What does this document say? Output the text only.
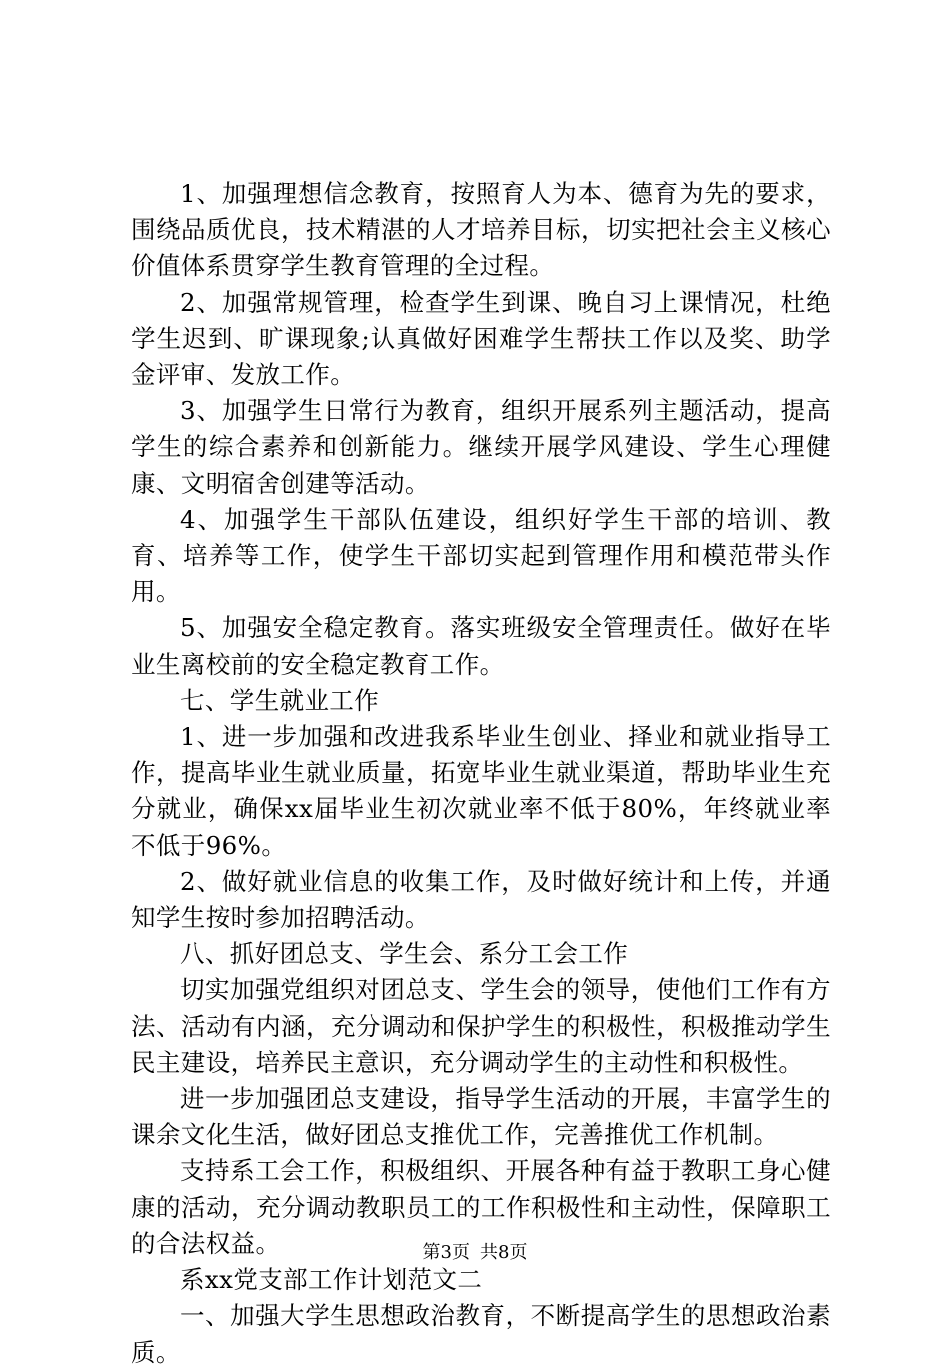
1、加强理想信念教育，按照育人为本、德育为先的要求，围绕品质优良，技术精湛的人才培养目标，切实把社会主义核心价值体系贯穿学生教育管理的全过程。

2、加强常规管理，检查学生到课、晚自习上课情况，杜绝学生迟到、旷课现象;认真做好困难学生帮扶工作以及奖、助学金评审、发放工作。

3、加强学生日常行为教育，组织开展系列主题活动，提高学生的综合素养和创新能力。继续开展学风建设、学生心理健康、文明宿舍创建等活动。

4、加强学生干部队伍建设，组织好学生干部的培训、教育、培养等工作，使学生干部切实起到管理作用和模范带头作用。

5、加强安全稳定教育。落实班级安全管理责任。做好在毕业生离校前的安全稳定教育工作。

七、学生就业工作

1、进一步加强和改进我系毕业生创业、择业和就业指导工作，提高毕业生就业质量，拓宽毕业生就业渠道，帮助毕业生充分就业，确保xx届毕业生初次就业率不低于80%，年终就业率不低于96%。

2、做好就业信息的收集工作，及时做好统计和上传，并通知学生按时参加招聘活动。

八、抓好团总支、学生会、系分工会工作

切实加强党组织对团总支、学生会的领导，使他们工作有方法、活动有内涵，充分调动和保护学生的积极性，积极推动学生民主建设，培养民主意识，充分调动学生的主动性和积极性。

进一步加强团总支建设，指导学生活动的开展，丰富学生的课余文化生活，做好团总支推优工作，完善推优工作机制。

支持系工会工作，积极组织、开展各种有益于教职工身心健康的活动，充分调动教职员工的工作积极性和主动性，保障职工的合法权益。

系xx党支部工作计划范文二

一、加强大学生思想政治教育，不断提高学生的思想政治素质。

第3页 共8页
